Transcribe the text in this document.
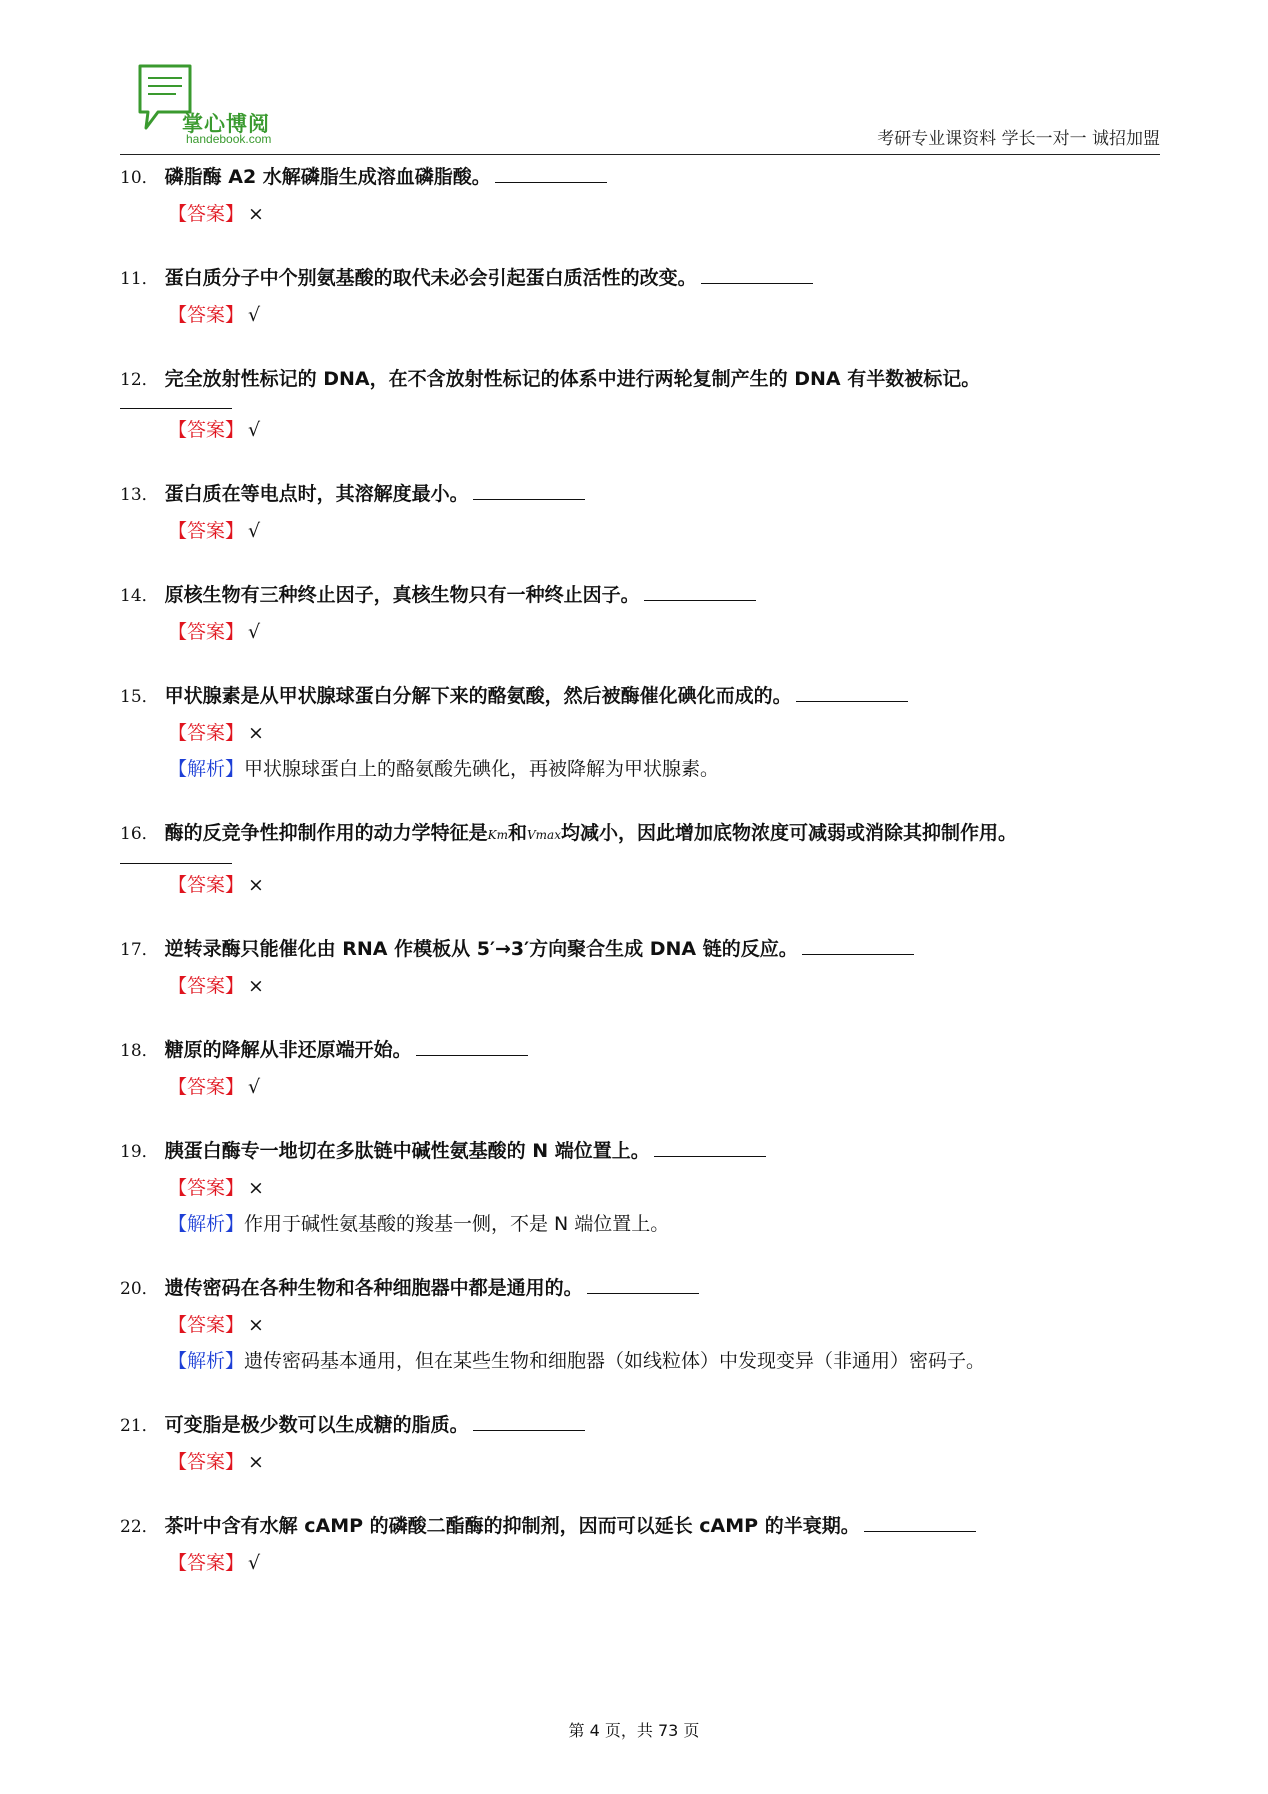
掌心博阅
handebook.com	考研专业课资料 学长一对一 诚招加盟
10． 磷脂酶 A2 水解磷脂生成溶血磷脂酸。
【答案】 ×
11． 蛋白质分子中个别氨基酸的取代未必会引起蛋白质活性的改变。
【答案】 √
12． 完全放射性标记的 DNA，在不含放射性标记的体系中进行两轮复制产生的 DNA 有半数被标记。
【答案】 √
13． 蛋白质在等电点时，其溶解度最小。
【答案】 √
14． 原核生物有三种终止因子，真核生物只有一种终止因子。
【答案】 √
15． 甲状腺素是从甲状腺球蛋白分解下来的酪氨酸，然后被酶催化碘化而成的。
【答案】 ×
【解析】甲状腺球蛋白上的酪氨酸先碘化，再被降解为甲状腺素。
16． 酶的反竞争性抑制作用的动力学特征是Km和Vmax均减小，因此增加底物浓度可减弱或消除其抑制作用。
【答案】 ×
17． 逆转录酶只能催化由 RNA 作模板从 5′→3′方向聚合生成 DNA 链的反应。
【答案】 ×
18． 糖原的降解从非还原端开始。
【答案】 √
19． 胰蛋白酶专一地切在多肽链中碱性氨基酸的 N 端位置上。
【答案】 ×
【解析】作用于碱性氨基酸的羧基一侧，不是 N 端位置上。
20． 遗传密码在各种生物和各种细胞器中都是通用的。
【答案】 ×
【解析】遗传密码基本通用，但在某些生物和细胞器（如线粒体）中发现变异（非通用）密码子。
21． 可变脂是极少数可以生成糖的脂质。
【答案】 ×
22． 茶叶中含有水解 cAMP 的磷酸二酯酶的抑制剂，因而可以延长 cAMP 的半衰期。
【答案】 √
第 4 页，共 73 页
